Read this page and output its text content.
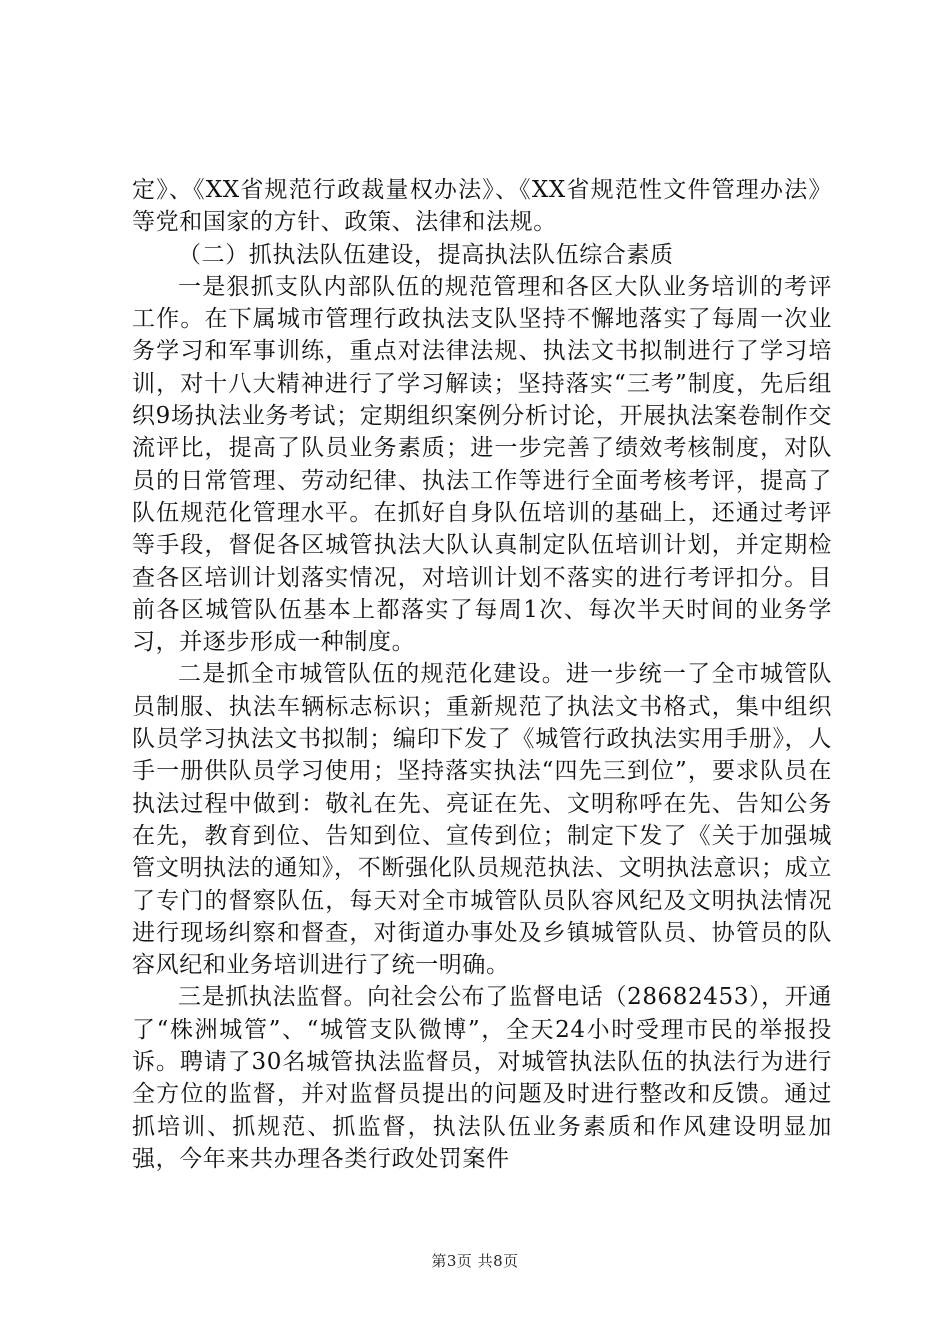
定》、《XX省规范行政裁量权办法》、《XX省规范性文件管理办法》等党和国家的方针、政策、法律和法规。

（二）抓执法队伍建设，提高执法队伍综合素质

一是狠抓支队内部队伍的规范管理和各区大队业务培训的考评工作。在下属城市管理行政执法支队坚持不懈地落实了每周一次业务学习和军事训练，重点对法律法规、执法文书拟制进行了学习培训，对十八大精神进行了学习解读；坚持落实“三考”制度，先后组织9场执法业务考试；定期组织案例分析讨论，开展执法案卷制作交流评比，提高了队员业务素质；进一步完善了绩效考核制度，对队员的日常管理、劳动纪律、执法工作等进行全面考核考评，提高了队伍规范化管理水平。在抓好自身队伍培训的基础上，还通过考评等手段，督促各区城管执法大队认真制定队伍培训计划，并定期检查各区培训计划落实情况，对培训计划不落实的进行考评扣分。目前各区城管队伍基本上都落实了每周1次、每次半天时间的业务学习，并逐步形成一种制度。

二是抓全市城管队伍的规范化建设。进一步统一了全市城管队员制服、执法车辆标志标识；重新规范了执法文书格式，集中组织队员学习执法文书拟制；编印下发了《城管行政执法实用手册》，人手一册供队员学习使用；坚持落实执法“四先三到位”，要求队员在执法过程中做到：敬礼在先、亮证在先、文明称呼在先、告知公务在先，教育到位、告知到位、宣传到位；制定下发了《关于加强城管文明执法的通知》，不断强化队员规范执法、文明执法意识；成立了专门的督察队伍，每天对全市城管队员队容风纪及文明执法情况进行现场纠察和督查，对街道办事处及乡镇城管队员、协管员的队容风纪和业务培训进行了统一明确。

三是抓执法监督。向社会公布了监督电话（28682453），开通了“株洲城管”、“城管支队微博”，全天24小时受理市民的举报投诉。聘请了30名城管执法监督员，对城管执法队伍的执法行为进行全方位的监督，并对监督员提出的问题及时进行整改和反馈。通过抓培训、抓规范、抓监督，执法队伍业务素质和作风建设明显加强，今年来共办理各类行政处罚案件

第3页 共8页
